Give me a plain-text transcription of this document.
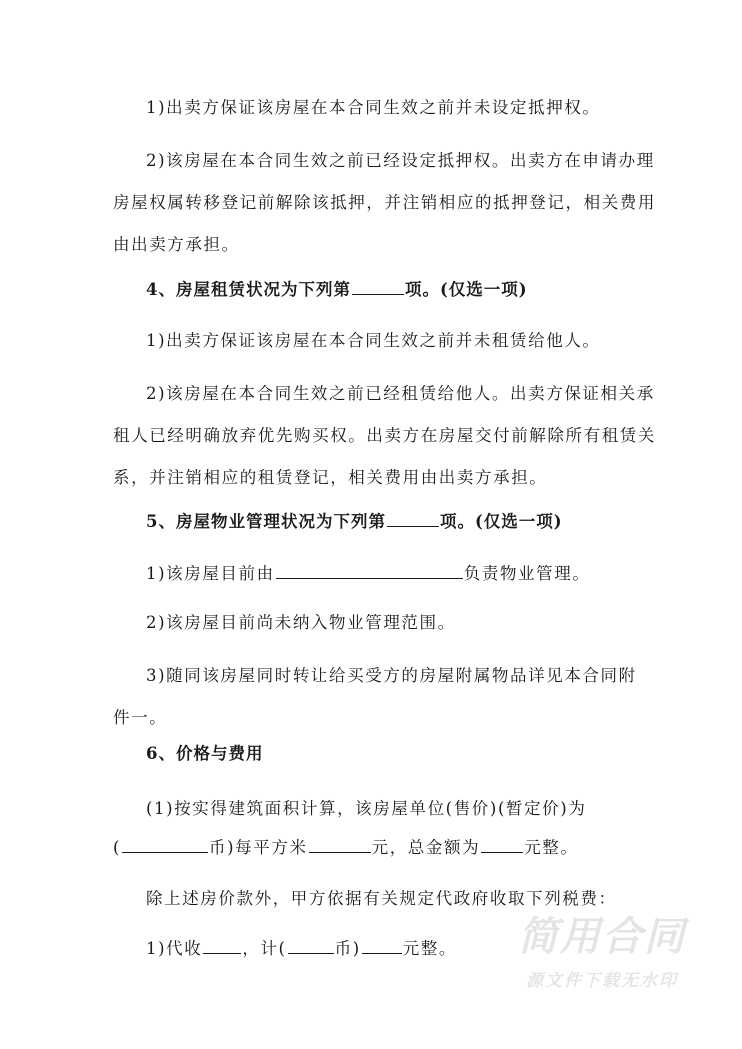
1)出卖方保证该房屋在本合同生效之前并未设定抵押权。
2)该房屋在本合同生效之前已经设定抵押权。出卖方在申请办理
房屋权属转移登记前解除该抵押，并注销相应的抵押登记，相关费用
由出卖方承担。
4、房屋租赁状况为下列第	项。(仅选一项)
1)出卖方保证该房屋在本合同生效之前并未租赁给他人。
2)该房屋在本合同生效之前已经租赁给他人。出卖方保证相关承
租人已经明确放弃优先购买权。出卖方在房屋交付前解除所有租赁关
系，并注销相应的租赁登记，相关费用由出卖方承担。
5、房屋物业管理状况为下列第	项。(仅选一项)
1)该房屋目前由	负责物业管理。
2)该房屋目前尚未纳入物业管理范围。
3)随同该房屋同时转让给买受方的房屋附属物品详见本合同附
件一。
6、价格与费用
(1)按实得建筑面积计算，该房屋单位(售价)(暂定价)为
(	币)每平方米	元，总金额为	元整。
除上述房价款外，甲方依据有关规定代政府收取下列税费：
1)代收 ，计(	币)	元整。	简用合同
源文件下载无水印
